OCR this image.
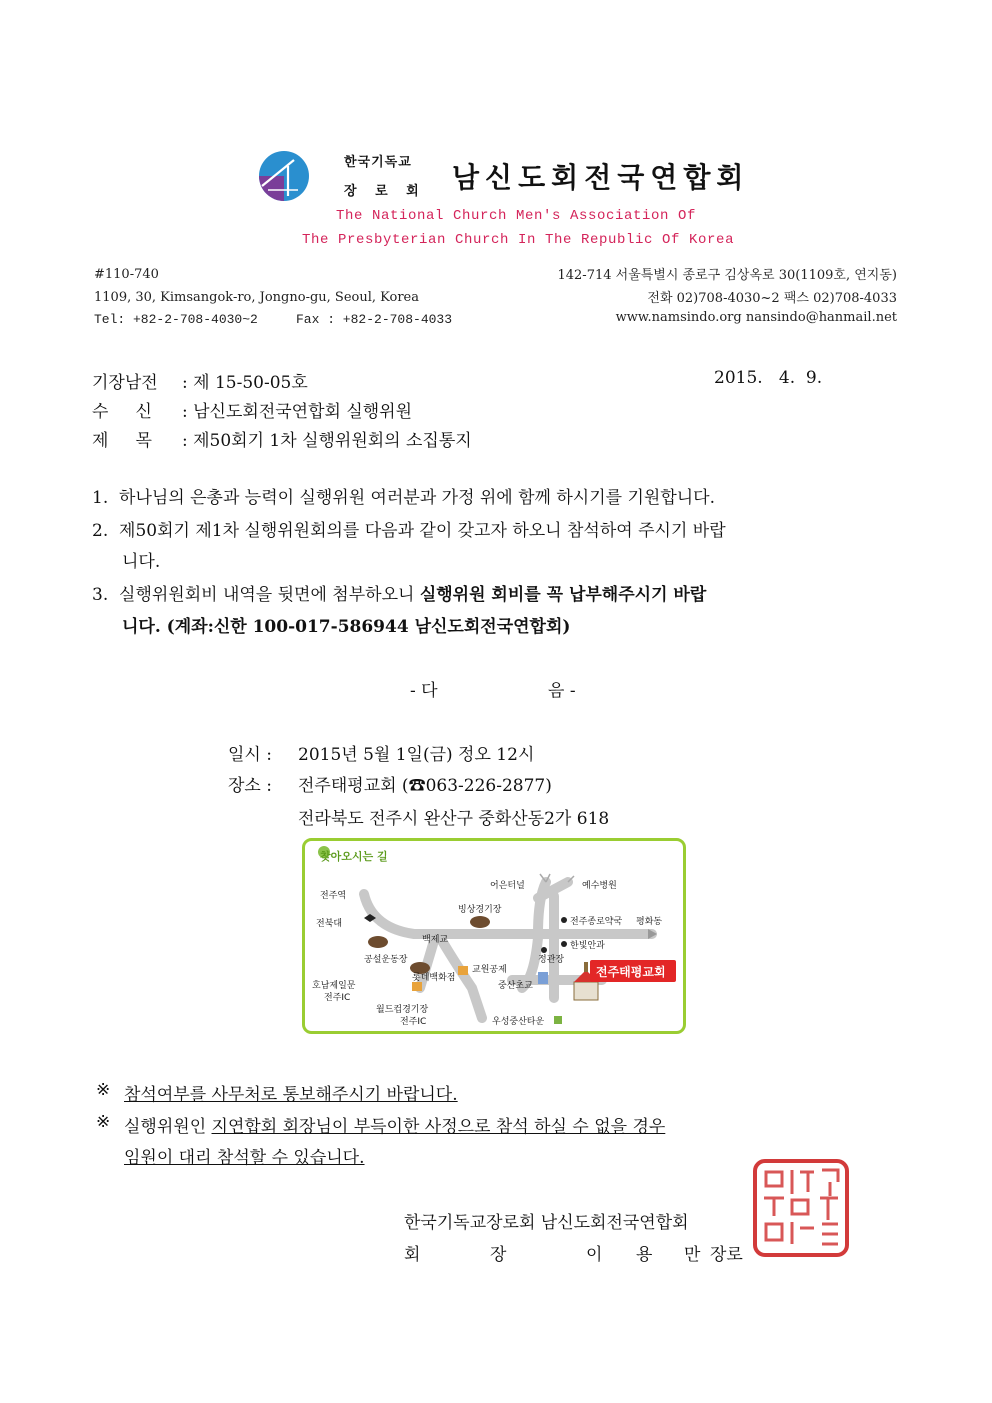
한국기독교
장 로 회 남신도회전국연합회
The National Church Men's Association Of
The Presbyterian Church In The Republic Of Korea
#110-740
1109, 30, Kimsangok-ro, Jongno-gu, Seoul, Korea
Tel: +82-2-708-4030~2	Fax : +82-2-708-4033
142-714 서울특별시 종로구 김상옥로 30(1109호, 연지동)
전화 02)708-4030~2 팩스 02)708-4033
www.namsindo.org nansindo@hanmail.net
기장남전 : 제 15-50-05호	2015.   4.  9.
수     신 : 남신도회전국연합회 실행위원
제     목 : 제50회기 1차 실행위원회의 소집통지
1.  하나님의 은총과 능력이 실행위원 여러분과 가정 위에 함께 하시기를 기원합니다.
2.  제50회기 제1차 실행위원회의를 다음과 같이 갖고자 하오니 참석하여 주시기 바랍
니다.
3.  실행위원회비 내역을 뒷면에 첨부하오니 실행위원 회비를 꼭 납부해주시기 바랍
니다. (계좌:신한 100-017-586944 남신도회전국연합회)
- 다	음 -
일시 : 2015년 5월 1일(금) 정오 12시
장소 : 전주태평교회 (☎063-226-2877)
전라북도 전주시 완산구 중화산동2가 618
찾아오시는 길
전주역
전북대
호남제일문
전주IC
공설운동장
백제교
롯데백화점
월드컵경기장
전주IC
빙상경기장
어은터널	예수병원
전주종로약국 평화동
한빛안과
교원공제
정관장
중산초교
우성중산타운
전주태평교회
※ 참석여부를 사무처로 통보해주시기 바랍니다.
※ 실행위원인 지연합회 회장님이 부득이한 사정으로 참석 하실 수 없을 경우
임원이 대리 참석할 수 있습니다.
한국기독교장로회 남신도회전국연합회
회	장	이 용 만 장로
